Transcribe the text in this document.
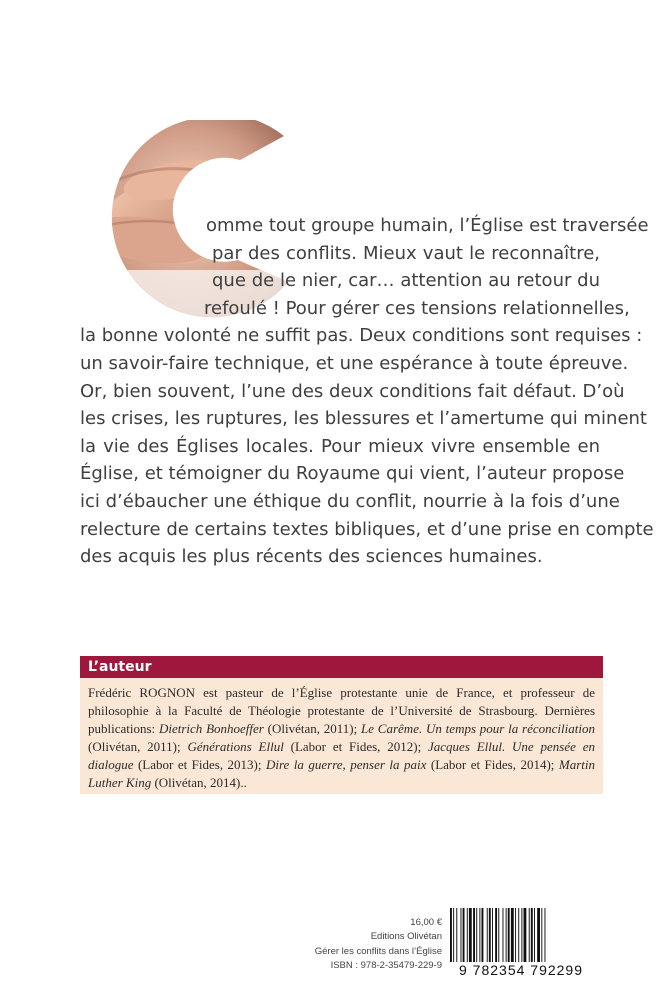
omme tout groupe humain, l’Église est traversée
par des conflits. Mieux vaut le reconnaître,
que de le nier, car… attention au retour du
refoulé ! Pour gérer ces tensions relationnelles,
la bonne volonté ne suffit pas. Deux conditions sont requises :
un savoir-faire technique, et une espérance à toute épreuve.
Or, bien souvent, l’une des deux conditions fait défaut. D’où
les crises, les ruptures, les blessures et l’amertume qui minent
la vie des Églises locales. Pour mieux vivre ensemble en
Église, et témoigner du Royaume qui vient, l’auteur propose
ici d’ébaucher une éthique du conflit, nourrie à la fois d’une
relecture de certains textes bibliques, et d’une prise en compte
des acquis les plus récents des sciences humaines.
L’auteur
Frédéric ROGNON est pasteur de l’Église protestante unie de France, et professeur de philosophie à la Faculté de Théologie protestante de l’Université de Strasbourg. Dernières publications: Dietrich Bonhoeffer (Olivétan, 2011); Le Carême. Un temps pour la réconciliation (Olivétan, 2011); Générations Ellul (Labor et Fides, 2012); Jacques Ellul. Une pensée en dialogue (Labor et Fides, 2013); Dire la guerre, penser la paix (Labor et Fides, 2014); Martin Luther King (Olivétan, 2014)..
16,00 €
Editions Olivétan
Gérer les conflits dans l’Église
ISBN : 978-2-35479-229-9	9 782354 792299
